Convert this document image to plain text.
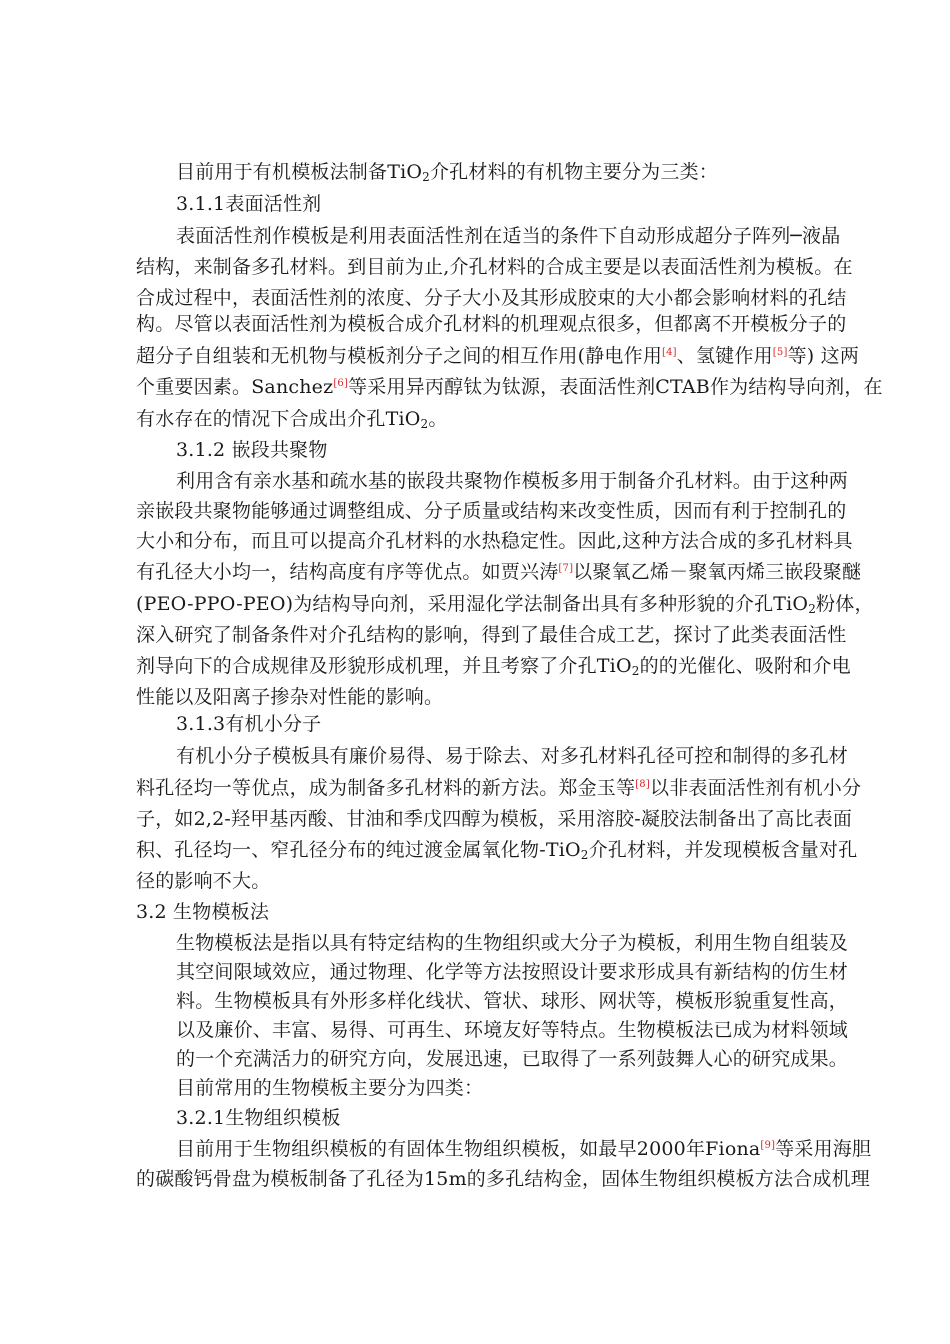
目前用于有机模板法制备TiO$_2$介孔材料的有机物主要分为三类：
3.1.1表面活性剂
表面活性剂作模板是利用表面活性剂在适当的条件下自动形成超分子阵列─液晶
结构，来制备多孔材料。到目前为止,介孔材料的合成主要是以表面活性剂为模板。在
合成过程中，表面活性剂的浓度、分子大小及其形成胶束的大小都会影响材料的孔结
构。尽管以表面活性剂为模板合成介孔材料的机理观点很多，但都离不开模板分子的
超分子自组装和无机物与模板剂分子之间的相互作用(静电作用[4]、氢键作用[5]等) 这两
个重要因素。Sanchez[6]等采用异丙醇钛为钛源，表面活性剂CTAB作为结构导向剂，在
有水存在的情况下合成出介孔TiO$_2$。
3.1.2 嵌段共聚物
利用含有亲水基和疏水基的嵌段共聚物作模板多用于制备介孔材料。由于这种两
亲嵌段共聚物能够通过调整组成、分子质量或结构来改变性质，因而有利于控制孔的
大小和分布，而且可以提高介孔材料的水热稳定性。因此,这种方法合成的多孔材料具
有孔径大小均一，结构高度有序等优点。如贾兴涛[7]以聚氧乙烯－聚氧丙烯三嵌段聚醚
(PEO-PPO-PEO)为结构导向剂，采用湿化学法制备出具有多种形貌的介孔TiO$_2$粉体，
深入研究了制备条件对介孔结构的影响，得到了最佳合成工艺，探讨了此类表面活性
剂导向下的合成规律及形貌形成机理，并且考察了介孔TiO$_2$的的光催化、吸附和介电
性能以及阳离子掺杂对性能的影响。
3.1.3有机小分子
有机小分子模板具有廉价易得、易于除去、对多孔材料孔径可控和制得的多孔材
料孔径均一等优点，成为制备多孔材料的新方法。郑金玉等[8]以非表面活性剂有机小分
子，如2,2-羟甲基丙酸、甘油和季戊四醇为模板，采用溶胶-凝胶法制备出了高比表面
积、孔径均一、窄孔径分布的纯过渡金属氧化物-TiO$_2$介孔材料，并发现模板含量对孔
径的影响不大。
3.2 生物模板法
生物模板法是指以具有特定结构的生物组织或大分子为模板，利用生物自组装及
其空间限域效应，通过物理、化学等方法按照设计要求形成具有新结构的仿生材
料。生物模板具有外形多样化线状、管状、球形、网状等，模板形貌重复性高，
以及廉价、丰富、易得、可再生、环境友好等特点。生物模板法已成为材料领域
的一个充满活力的研究方向，发展迅速，已取得了一系列鼓舞人心的研究成果。
目前常用的生物模板主要分为四类：
3.2.1生物组织模板
目前用于生物组织模板的有固体生物组织模板，如最早2000年Fiona[9]等采用海胆
的碳酸钙骨盘为模板制备了孔径为15m的多孔结构金，固体生物组织模板方法合成机理
